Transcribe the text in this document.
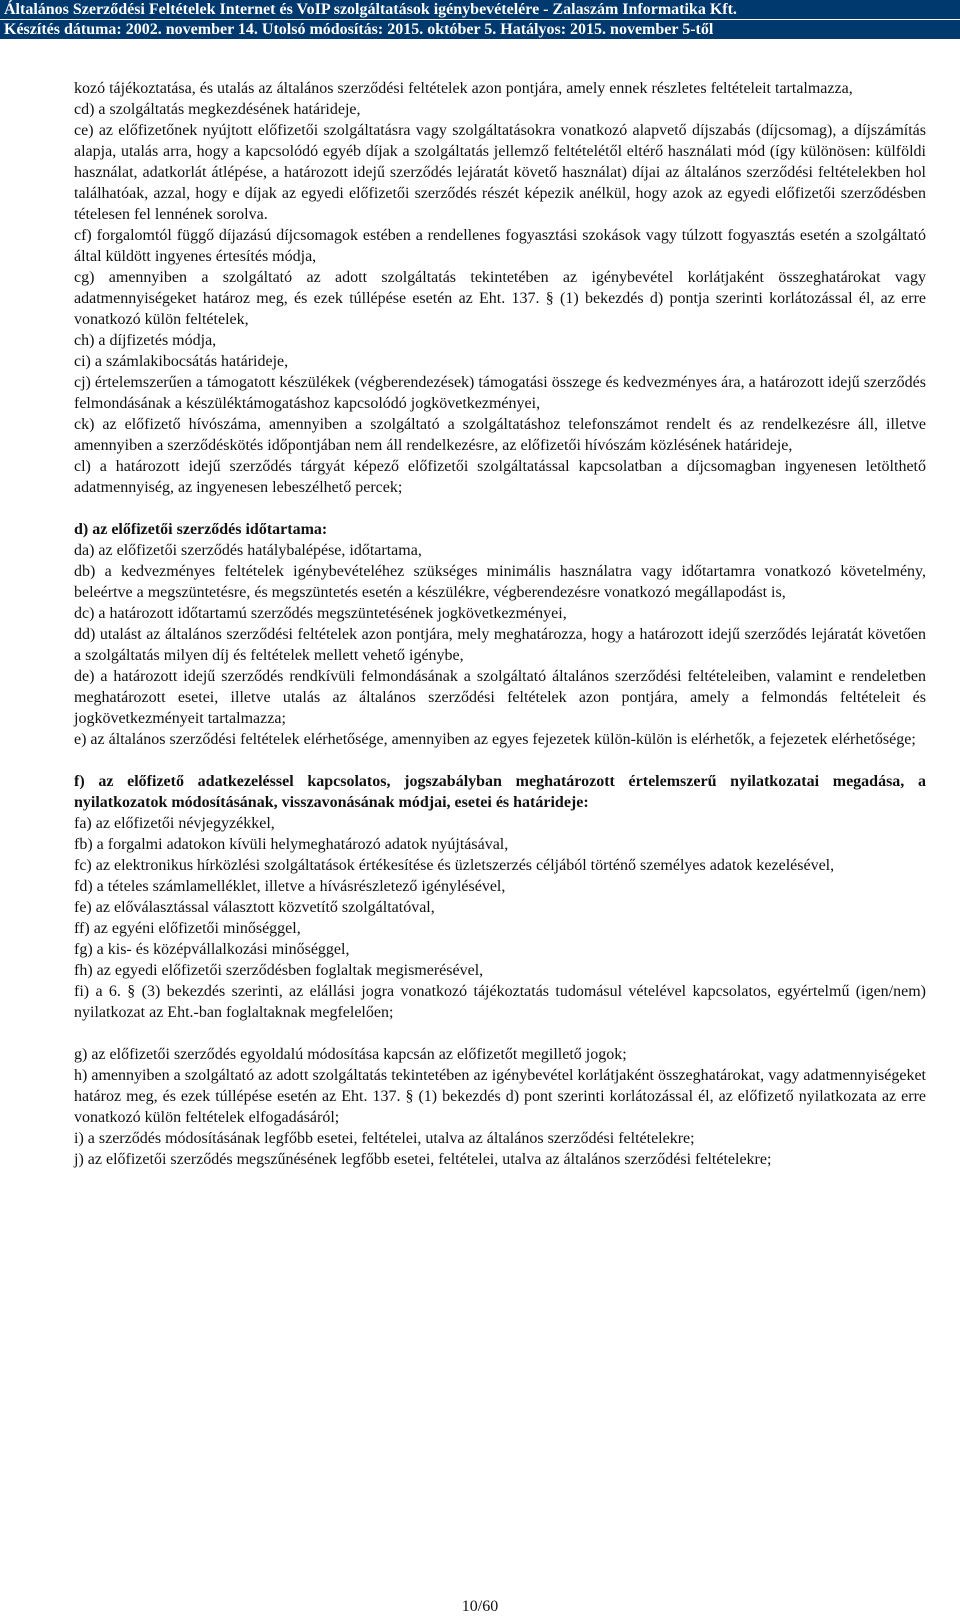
Általános Szerződési Feltételek Internet és VoIP szolgáltatások igénybevételére - Zalaszám Informatika Kft.
Készítés dátuma: 2002. november 14. Utolsó módosítás: 2015. október 5. Hatályos: 2015. november 5-től

kozó tájékoztatása, és utalás az általános szerződési feltételek azon pontjára, amely ennek részletes feltételeit tartalmazza,

cd) a szolgáltatás megkezdésének határideje,

ce) az előfizetőnek nyújtott előfizetői szolgáltatásra vagy szolgáltatásokra vonatkozó alapvető díjszabás (díjcsomag), a díjszámítás alapja, utalás arra, hogy a kapcsolódó egyéb díjak a szolgáltatás jellemző feltételétől eltérő használati mód (így különösen: külföldi használat, adatkorlát átlépése, a határozott idejű szerződés lejáratát követő használat) díjai az általános szerződési feltételekben hol találhatóak, azzal, hogy e díjak az egyedi előfizetői szerződés részét képezik anélkül, hogy azok az egyedi előfizetői szerződésben tételesen fel lennének sorolva.

cf) forgalomtól függő díjazású díjcsomagok estében a rendellenes fogyasztási szokások vagy túlzott fogyasztás esetén a szolgáltató által küldött ingyenes értesítés módja,

cg) amennyiben a szolgáltató az adott szolgáltatás tekintetében az igénybevétel korlátjaként összeghatárokat vagy adatmennyiségeket határoz meg, és ezek túllépése esetén az Eht. 137. § (1) bekezdés d) pontja szerinti korlátozással él, az erre vonatkozó külön feltételek,

ch) a díjfizetés módja,

ci) a számlakibocsátás határideje,

cj) értelemszerűen a támogatott készülékek (végberendezések) támogatási összege és kedvezményes ára, a határozott idejű szerződés felmondásának a készüléktámogatáshoz kapcsolódó jogkövetkezményei,

ck) az előfizető hívószáma, amennyiben a szolgáltató a szolgáltatáshoz telefonszámot rendelt és az rendelkezésre áll, illetve amennyiben a szerződéskötés időpontjában nem áll rendelkezésre, az előfizetői hívószám közlésének határideje,

cl) a határozott idejű szerződés tárgyát képező előfizetői szolgáltatással kapcsolatban a díjcsomagban ingyenesen letölthető adatmennyiség, az ingyenesen lebeszélhető percek;

d) az előfizetői szerződés időtartama:

da) az előfizetői szerződés hatálybalépése, időtartama,

db) a kedvezményes feltételek igénybevételéhez szükséges minimális használatra vagy időtartamra vonatkozó követelmény, beleértve a megszüntetésre, és megszüntetés esetén a készülékre, végberendezésre vonatkozó megállapodást is,

dc) a határozott időtartamú szerződés megszüntetésének jogkövetkezményei,

dd) utalást az általános szerződési feltételek azon pontjára, mely meghatározza, hogy a határozott idejű szerződés lejáratát követően a szolgáltatás milyen díj és feltételek mellett vehető igénybe,

de) a határozott idejű szerződés rendkívüli felmondásának a szolgáltató általános szerződési feltételeiben, valamint e rendeletben meghatározott esetei, illetve utalás az általános szerződési feltételek azon pontjára, amely a felmondás feltételeit és jogkövetkezményeit tartalmazza;

e) az általános szerződési feltételek elérhetősége, amennyiben az egyes fejezetek külön-külön is elérhetők, a fejezetek elérhetősége;

f) az előfizető adatkezeléssel kapcsolatos, jogszabályban meghatározott értelemszerű nyilatkozatai megadása, a nyilatkozatok módosításának, visszavonásának módjai, esetei és határideje:

fa) az előfizetői névjegyzékkel,

fb) a forgalmi adatokon kívüli helymeghatározó adatok nyújtásával,

fc) az elektronikus hírközlési szolgáltatások értékesítése és üzletszerzés céljából történő személyes adatok kezelésével,

fd) a tételes számlamelléklet, illetve a hívásrészletező igénylésével,

fe) az előválasztással választott közvetítő szolgáltatóval,

ff) az egyéni előfizetői minőséggel,

fg) a kis- és középvállalkozási minőséggel,

fh) az egyedi előfizetői szerződésben foglaltak megismerésével,

fi) a 6. § (3) bekezdés szerinti, az elállási jogra vonatkozó tájékoztatás tudomásul vételével kapcsolatos, egyértelmű (igen/nem) nyilatkozat az Eht.-ban foglaltaknak megfelelően;

g) az előfizetői szerződés egyoldalú módosítása kapcsán az előfizetőt megillető jogok;

h) amennyiben a szolgáltató az adott szolgáltatás tekintetében az igénybevétel korlátjaként összeghatárokat, vagy adatmennyiségeket határoz meg, és ezek túllépése esetén az Eht. 137. § (1) bekezdés d) pont szerinti korlátozással él, az előfizető nyilatkozata az erre vonatkozó külön feltételek elfogadásáról;

i) a szerződés módosításának legfőbb esetei, feltételei, utalva az általános szerződési feltételekre;

j) az előfizetői szerződés megszűnésének legfőbb esetei, feltételei, utalva az általános szerződési feltételekre;

10/60
